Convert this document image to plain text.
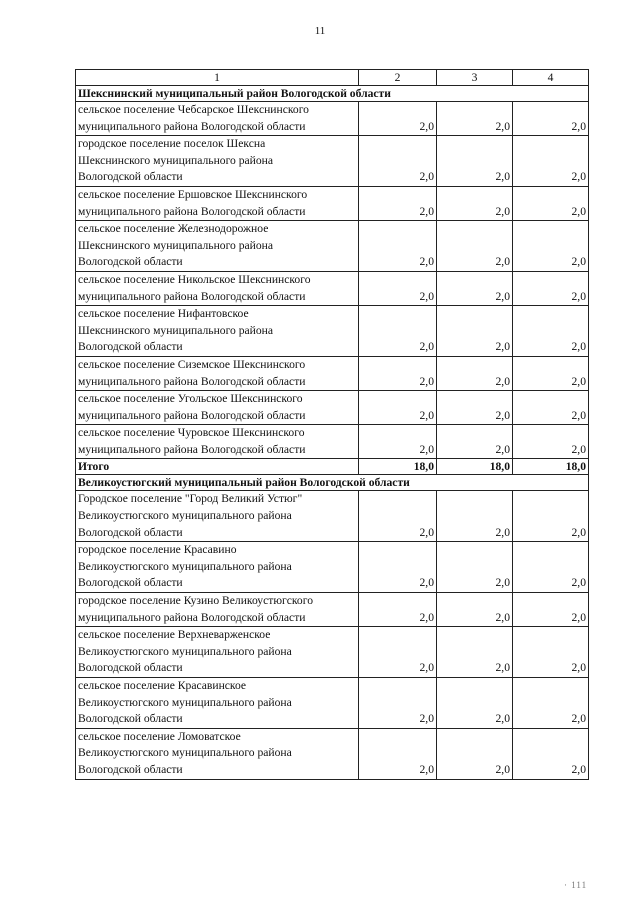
11
1	2	3	4
Шекснинский муниципальный район Вологодской области			
сельское поселение Чебсарское Шекснинского
муниципального района Вологодской области	2,0	2,0	2,0
городское поселение поселок Шексна
Шекснинского муниципального района
Вологодской области	2,0	2,0	2,0
сельское поселение Ершовское Шекснинского
муниципального района Вологодской области	2,0	2,0	2,0
сельское поселение Железнодорожное
Шекснинского муниципального района
Вологодской области	2,0	2,0	2,0
сельское поселение Никольское Шекснинского
муниципального района Вологодской области	2,0	2,0	2,0
сельское поселение Нифантовское
Шекснинского муниципального района
Вологодской области	2,0	2,0	2,0
сельское поселение Сиземское Шекснинского
муниципального района Вологодской области	2,0	2,0	2,0
сельское поселение Угольское Шекснинского
муниципального района Вологодской области	2,0	2,0	2,0
сельское поселение Чуровское Шекснинского
муниципального района Вологодской области	2,0	2,0	2,0
Итого	18,0	18,0	18,0
Великоустюгский муниципальный район Вологодской области			
Городское поселение "Город Великий Устюг"
Великоустюгского муниципального района
Вологодской области	2,0	2,0	2,0
городское поселение Красавино
Великоустюгского муниципального района
Вологодской области	2,0	2,0	2,0
городское поселение Кузино Великоустюгского
муниципального района Вологодской области	2,0	2,0	2,0
сельское поселение Верхневарженское
Великоустюгского муниципального района
Вологодской области	2,0	2,0	2,0
сельское поселение Красавинское
Великоустюгского муниципального района
Вологодской области	2,0	2,0	2,0
сельское поселение Ломоватское
Великоустюгского муниципального района
Вологодской области	2,0	2,0	2,0
· 111
